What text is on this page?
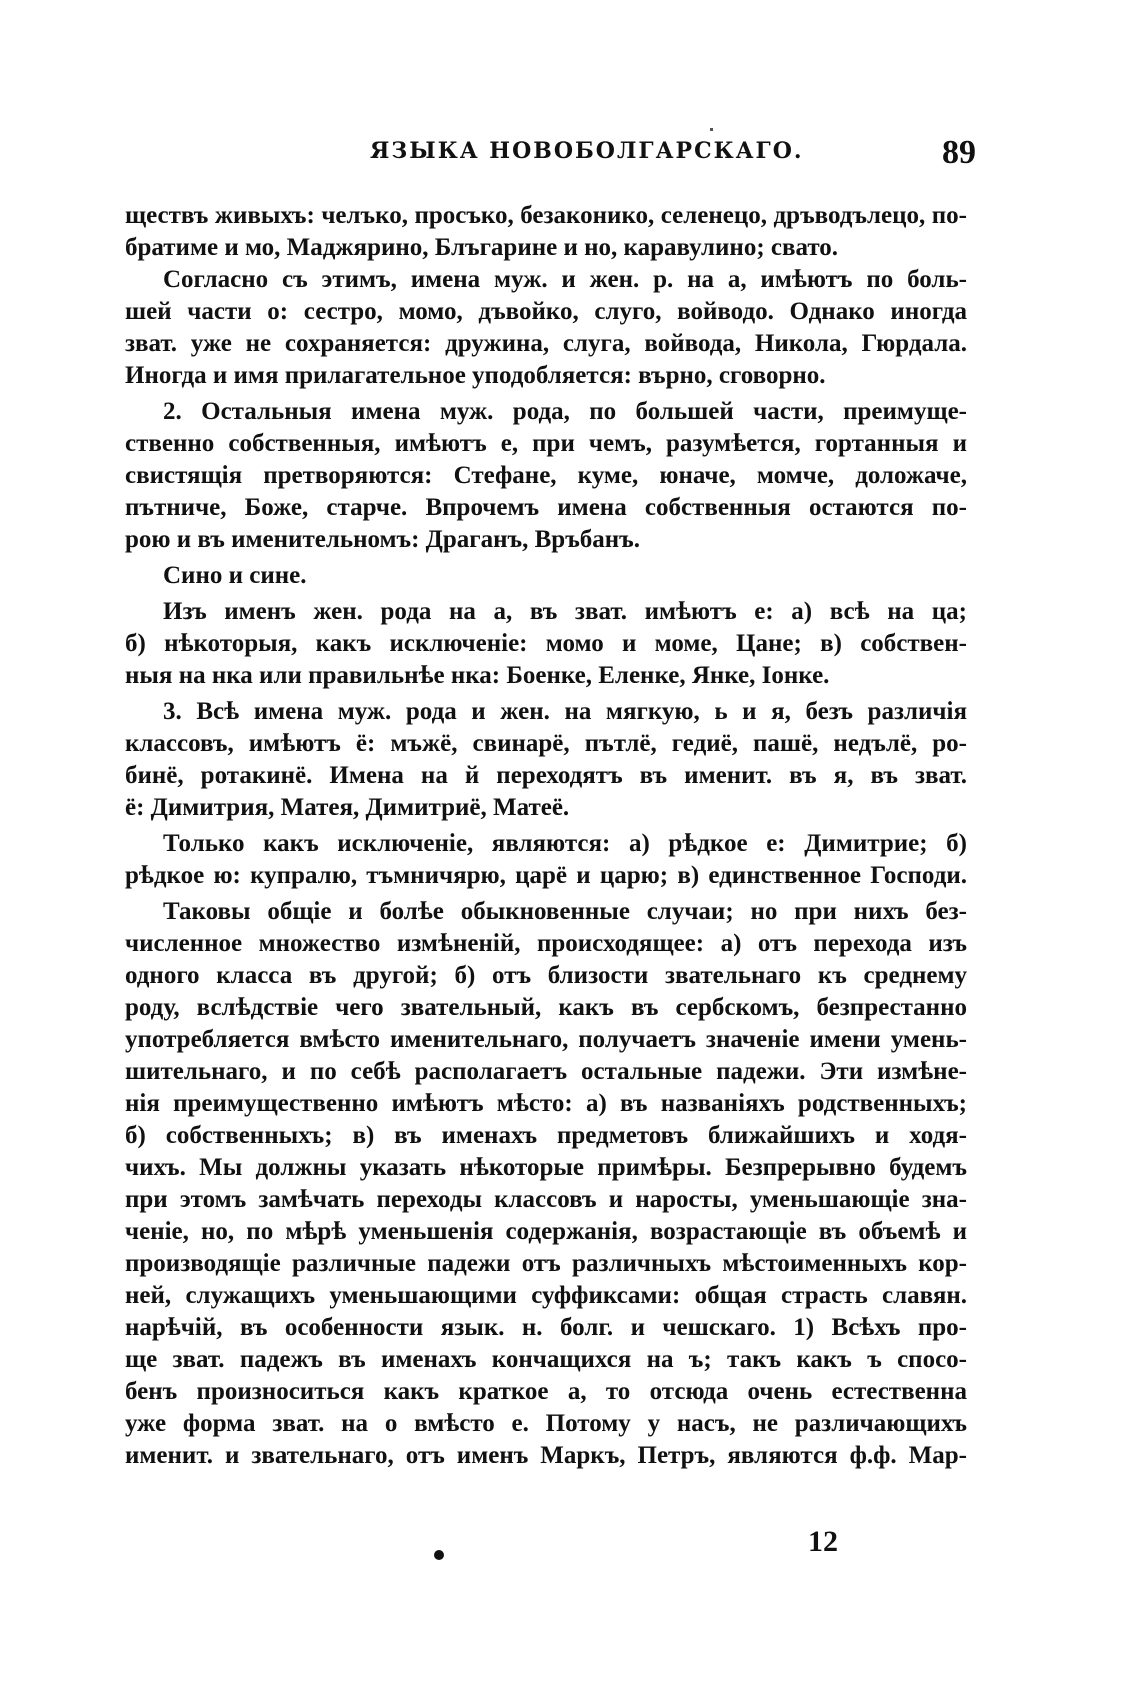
ЯЗЫКА НОВОБОЛГАРСКАГО.	89
ществъ живыхъ: челъко, просъко, безаконико, селенецо, дръводълецо, по-
братиме и мо, Маджярино, Блъгарине и но, каравулино; свато.
Согласно съ этимъ, имена муж. и жен. р. на а, имѣютъ по боль-
шей части о: сестро, момо, дъвойко, слуго, войводо. Однако иногда
зват. уже не сохраняется: дружина, слуга, войвода, Никола, Гюрдала.
Иногда и имя прилагательное уподобляется: върно, сговорно.
2. Остальныя имена муж. рода, по большей части, преимуще-
ственно собственныя, имѣютъ е, при чемъ, разумѣется, гортанныя и
свистящія претворяются: Стефане, куме, юначе, момче, доложаче,
пътниче, Боже, старче. Впрочемъ имена собственныя остаются по-
рою и въ именительномъ: Драганъ, Връбанъ.
Сино и сине.
Изъ именъ жен. рода на а, въ зват. имѣютъ е: а) всѣ на ца;
б) нѣкоторыя, какъ исключеніе: момо и моме, Цане; в) собствен-
ныя на нка или правильнѣе нка: Боенке, Еленке, Янке, Іонке.
3. Всѣ имена муж. рода и жен. на мягкую, ь и я, безъ различія
классовъ, имѣютъ ё: мъжё, свинарё, пътлё, гедиё, пашё, недълё, ро-
бинё, ротакинё. Имена на й переходятъ въ именит. въ я, въ зват.
ё: Димитрия, Матея, Димитриё, Матеё.
Только какъ исключеніе, являются: а) рѣдкое е: Димитрие; б)
рѣдкое ю: купралю, тъмничярю, царё и царю; в) единственное Господи.
Таковы общіе и болѣе обыкновенные случаи; но при нихъ без-
численное множество измѣненій, происходящее: а) отъ перехода изъ
одного класса въ другой; б) отъ близости звательнаго къ среднему
роду, вслѣдствіе чего звательный, какъ въ сербскомъ, безпрестанно
употребляется вмѣсто именительнаго, получаетъ значеніе имени умень-
шительнаго, и по себѣ располагаетъ остальные падежи. Эти измѣне-
нія преимущественно имѣютъ мѣсто: а) въ названіяхъ родственныхъ;
б) собственныхъ; в) въ именахъ предметовъ ближайшихъ и ходя-
чихъ. Мы должны указать нѣкоторые примѣры. Безпрерывно будемъ
при этомъ замѣчать переходы классовъ и наросты, уменьшающіе зна-
ченіе, но, по мѣрѣ уменьшенія содержанія, возрастающіе въ объемѣ и
производящіе различные падежи отъ различныхъ мѣстоименныхъ кор-
ней, служащихъ уменьшающими суффиксами: общая страсть славян.
нарѣчій, въ особенности язык. н. болг. и чешскаго. 1) Всѣхъ про-
ще зват. падежъ въ именахъ кончащихся на ъ; такъ какъ ъ спосо-
бенъ произноситься какъ краткое а, то отсюда очень естественна
уже форма зват. на о вмѣсто е. Потому у насъ, не различающихъ
именит. и звательнаго, отъ именъ Маркъ, Петръ, являются ф.ф. Мар-
12
